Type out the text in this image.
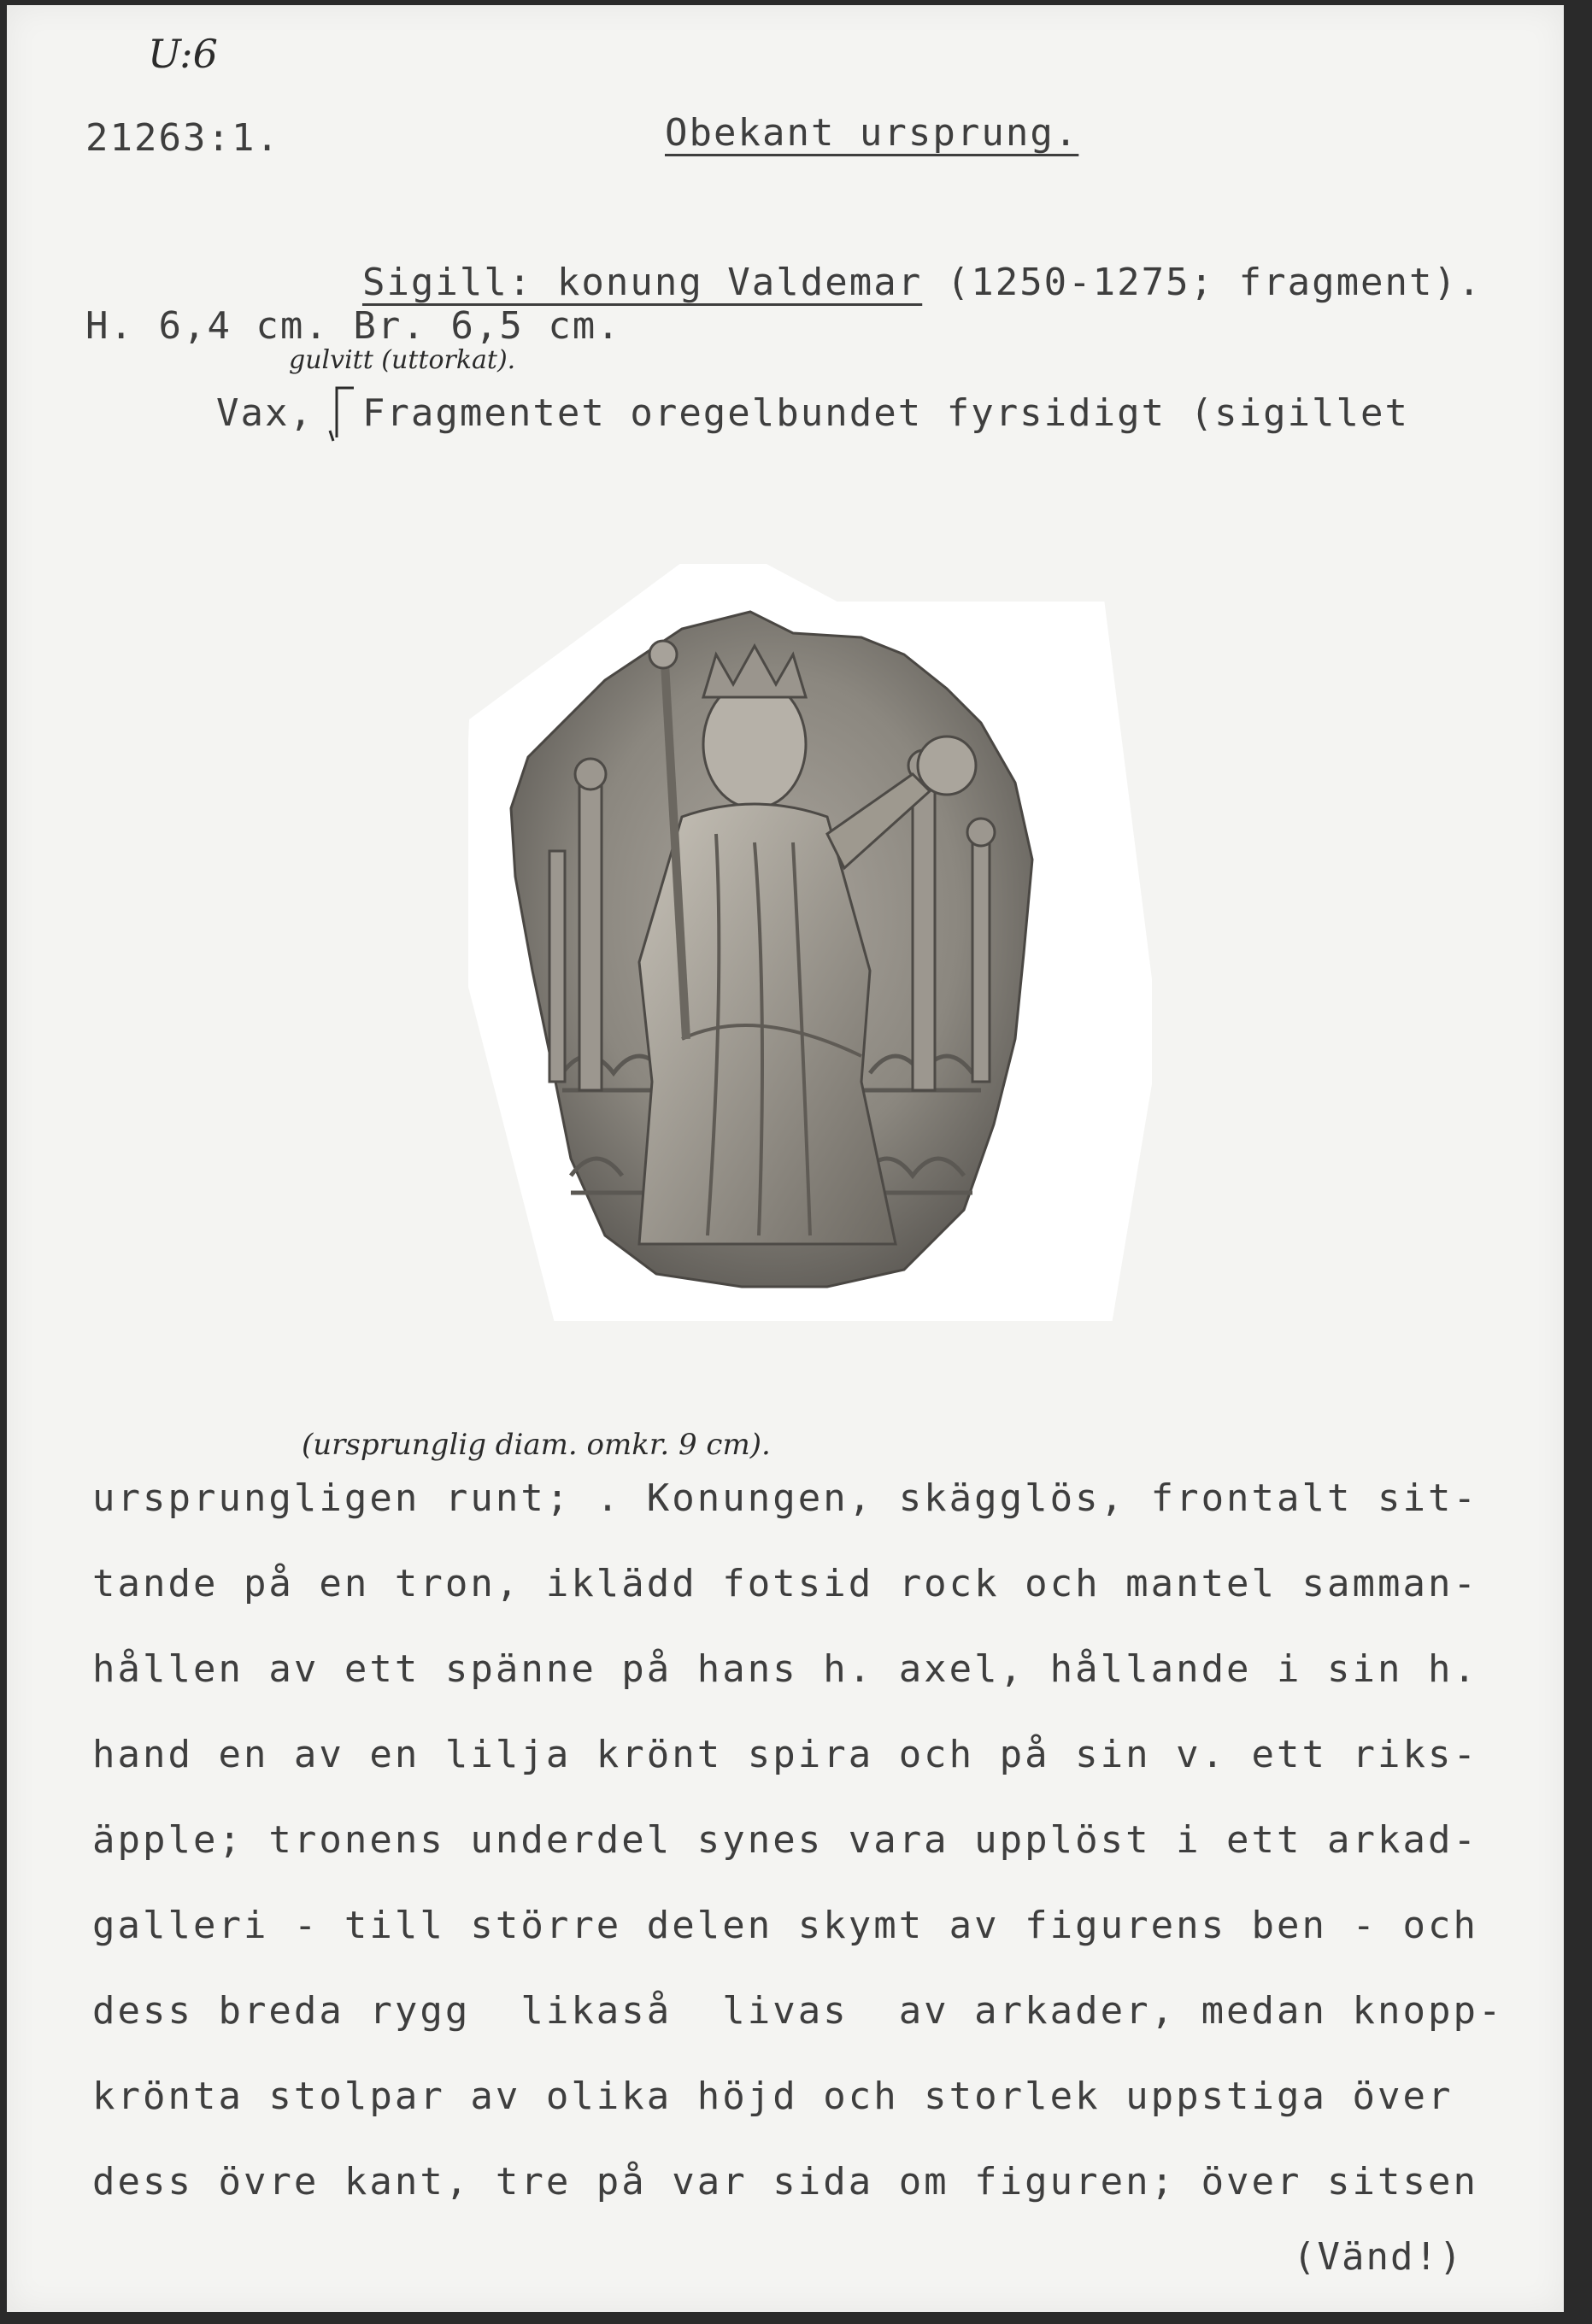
U:6
21263:1.	Obekant ursprung.

Sigill: konung Valdemar (1250-1275; fragment).

H. 6,4 cm. Br. 6,5 cm.
gulvitt (uttorkat).
Vax,  Fragmentet oregelbundet fyrsidigt (sigillet
(ursprunglig diam. omkr. 9 cm).
ursprungligen runt; . Konungen, skägglös, frontalt sit-
tande på en tron, iklädd fotsid rock och mantel samman-
hållen av ett spänne på hans h. axel, hållande i sin h.
hand en av en lilja krönt spira och på sin v. ett riks-
äpple; tronens underdel synes vara upplöst i ett arkad-
galleri - till större delen skymt av figurens ben - och
dess breda rygg  likaså  livas  av arkader, medan knopp-
krönta stolpar av olika höjd och storlek uppstiga över
dess övre kant, tre på var sida om figuren; över sitsen
(Vänd!)
